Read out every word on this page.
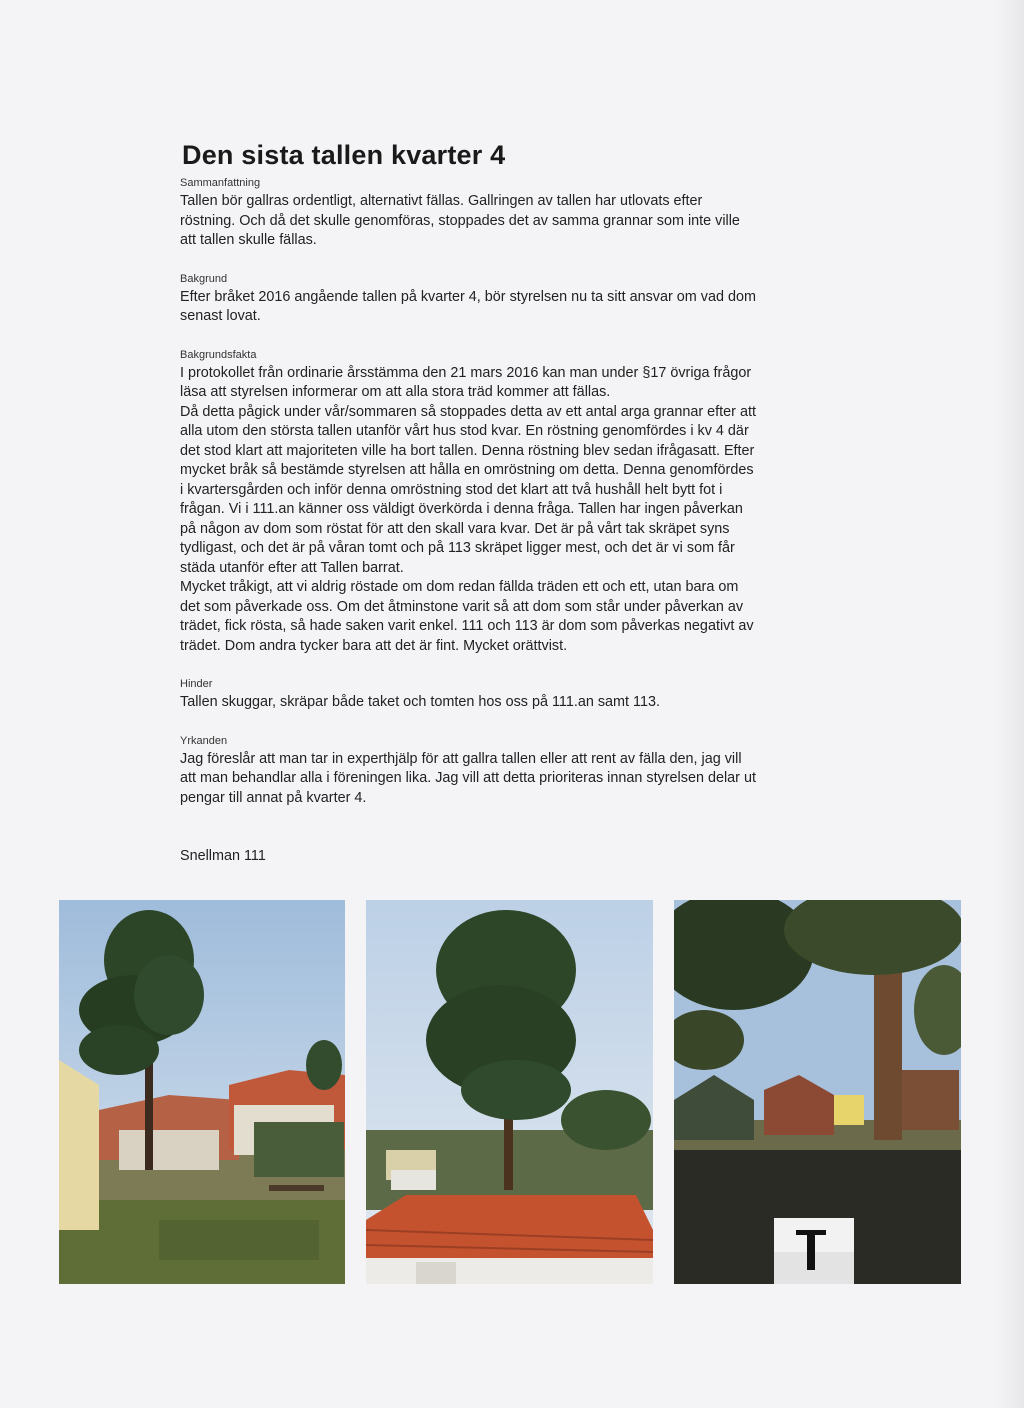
Den sista tallen kvarter 4
Sammanfattning

Tallen bör gallras ordentligt, alternativt fällas. Gallringen av tallen har utlovats efter
röstning. Och då det skulle genomföras, stoppades det av samma grannar som inte ville
att tallen skulle fällas.

Bakgrund

Efter bråket 2016 angående tallen på kvarter 4, bör styrelsen nu ta sitt ansvar om vad dom
senast lovat.

Bakgrundsfakta

I protokollet från ordinarie årsstämma den 21 mars 2016 kan man under §17 övriga frågor
läsa att styrelsen informerar om att alla stora träd kommer att fällas.
Då detta pågick under vår/sommaren så stoppades detta av ett antal arga grannar efter att
alla utom den största tallen utanför vårt hus stod kvar. En röstning genomfördes i kv 4 där
det stod klart att majoriteten ville ha bort tallen. Denna röstning blev sedan ifrågasatt. Efter
mycket bråk så bestämde styrelsen att hålla en omröstning om detta. Denna genomfördes
i kvartersgården och inför denna omröstning stod det klart att två hushåll helt bytt fot i
frågan. Vi i 111.an känner oss väldigt överkörda i denna fråga. Tallen har ingen påverkan
på någon av dom som röstat för att den skall vara kvar. Det är på vårt tak skräpet syns
tydligast, och det är på våran tomt och på 113 skräpet ligger mest, och det är vi som får
städa utanför efter att Tallen barrat.
Mycket tråkigt, att vi aldrig röstade om dom redan fällda träden ett och ett, utan bara om
det som påverkade oss. Om det åtminstone varit så att dom som står under påverkan av
trädet, fick rösta, så hade saken varit enkel. 111 och 113 är dom som påverkas negativt av
trädet. Dom andra tycker bara att det är fint. Mycket orättvist.

Hinder

Tallen skuggar, skräpar både taket och tomten hos oss på 111.an samt 113.

Yrkanden

Jag föreslår att man tar in experthjälp för att gallra tallen eller att rent av fälla den, jag vill
att man behandlar alla i föreningen lika. Jag vill att detta prioriteras innan styrelsen delar ut
pengar till annat på kvarter 4.

Snellman 111
